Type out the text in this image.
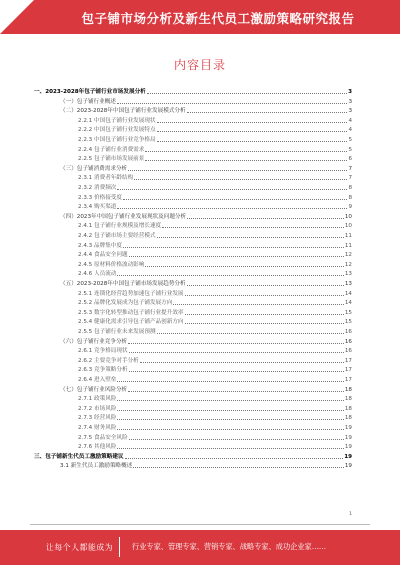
包子铺市场分析及新生代员工激励策略研究报告
内容目录
一、2023-2028年包子铺行业市场发展分析	3
（一）包子铺行业概述	3
（二）2023-2028年中国包子铺行业发展模式分析	3
2.2.1 中国包子铺行业发展现状	4
2.2.2 中国包子铺行业发展特点	4
2.2.3 中国包子铺行业竞争格局	5
2.2.4 包子铺行业消费需求	5
2.2.5 包子铺市场发展前景	6
（三）包子铺消费需求分析	7
2.3.1 消费者年龄结构	7
2.3.2 消费频次	8
2.3.3 价格接受度	8
2.3.4 购买渠道	9
（四）2023年中国包子铺行业发展现状及问题分析	10
2.4.1 包子铺行业规模及增长速度	10
2.4.2 包子铺市场主要经营模式	11
2.4.3 品牌集中度	11
2.4.4 食品安全问题	12
2.4.5 原材料价格波动影响	12
2.4.6 人员流动	13
（五）2023-2028年中国包子铺市场发展趋势分析	13
2.5.1 连锁化经营趋势加速包子铺行业发展	14
2.5.2 品牌化发展成为包子铺发展方向	14
2.5.3 数字化转型推动包子铺行业提升效率	15
2.5.4 健康化需求引导包子铺产品创新方向	15
2.5.5 包子铺行业未来发展预测	16
（六）包子铺行业竞争分析	16
2.6.1 竞争格局现状	16
2.6.2 主要竞争对手分析	17
2.6.3 竞争策略分析	17
2.6.4 进入壁垒	17
（七）包子铺行业风险分析	18
2.7.1 政策风险	18
2.7.2 市场风险	18
2.7.3 经营风险	18
2.7.4 财务风险	19
2.7.5 食品安全风险	19
2.7.6 其他风险	19
三、包子铺新生代员工激励策略建议	19
3.1 新生代员工激励策略概述	19
1
让每个人都能成为	行业专家、管理专家、营销专家、战略专家、成功企业家……
